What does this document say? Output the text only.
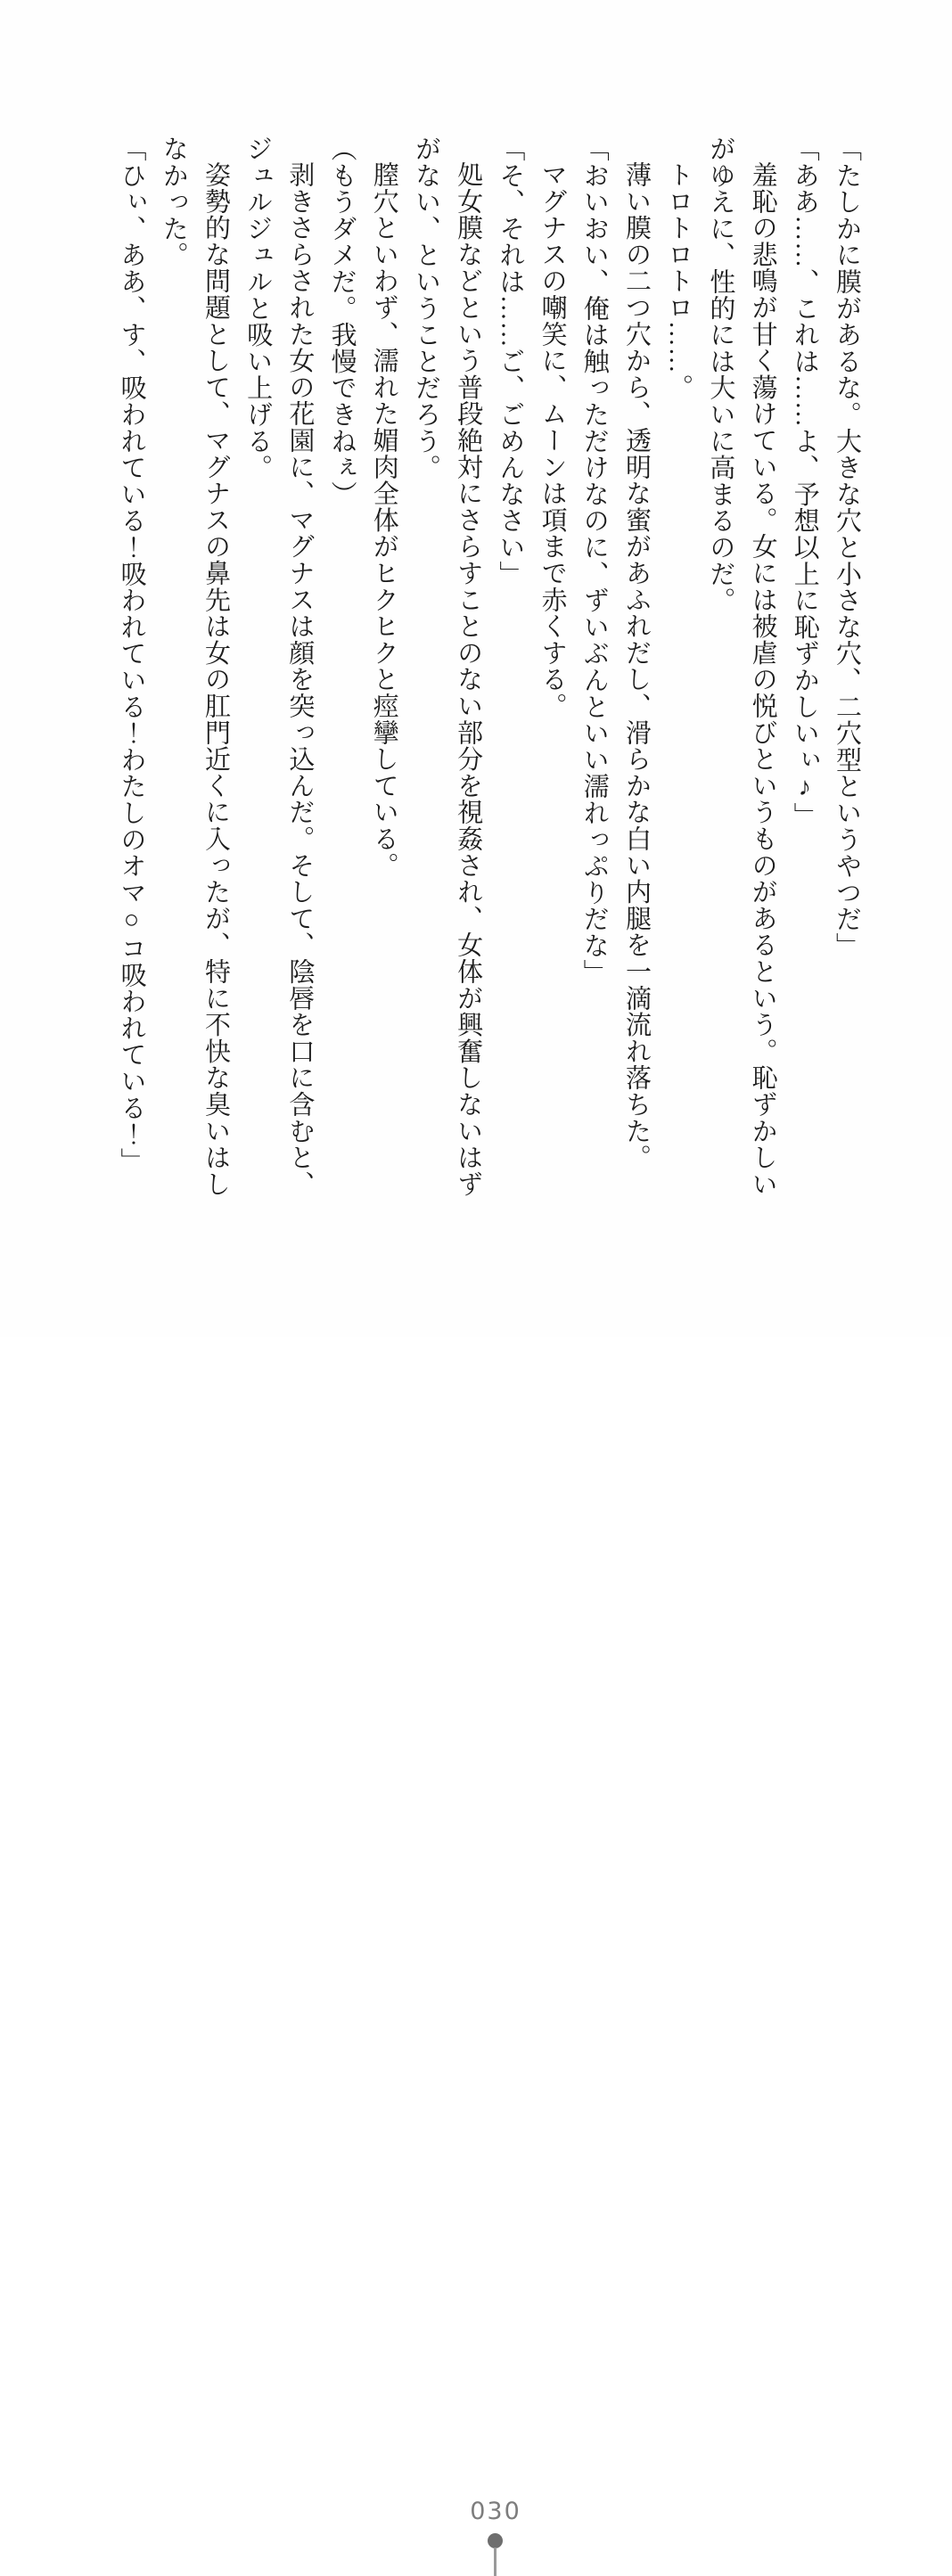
「たしかに膜があるな。大きな穴と小さな穴、二穴型というやつだ」

「ああ……、これは……よ、予想以上に恥ずかしいぃ♪」

羞恥の悲鳴が甘く蕩けている。女には被虐の悦びというものがあるという。恥ずかしいがゆえに、性的には大いに高まるのだ。

トロトロトロ……。

薄い膜の二つ穴から、透明な蜜があふれだし、滑らかな白い内腿を一滴流れ落ちた。

「おいおい、俺は触っただけなのに、ずいぶんといい濡れっぷりだな」

マグナスの嘲笑に、ムーンは項まで赤くする。

「そ、それは……ご、ごめんなさい」

処女膜などという普段絶対にさらすことのない部分を視姦され、女体が興奮しないはずがない、ということだろう。

膣穴といわず、濡れた媚肉全体がヒクヒクと痙攣している。

（もうダメだ。我慢できねぇ）

剥きさらされた女の花園に、マグナスは顔を突っ込んだ。そして、陰唇を口に含むと、ジュルジュルと吸い上げる。

姿勢的な問題として、マグナスの鼻先は女の肛門近くに入ったが、特に不快な臭いはしなかった。

「ひぃ、ああ、す、吸われている！吸われている！わたしのオマ○コ吸われている！」

030
